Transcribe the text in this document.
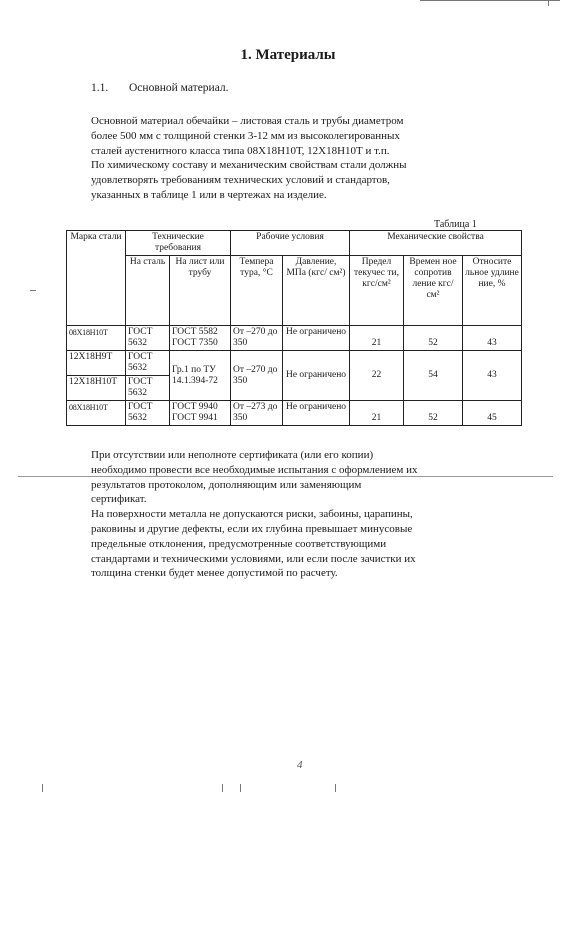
1. Материалы
1.1. Основной материал.
Основной материал обечайки – листовая сталь и трубы диаметром
более 500 мм с толщиной стенки 3-12 мм из высоколегированных
сталей аустенитного класса типа 08Х18Н10Т, 12Х18Н10Т и т.п.
По химическому составу и механическим свойствам стали должны
удовлетворять требованиям технических условий и стандартов,
указанных в таблице 1 или в чертежах на изделие.
Таблица 1
Марка стали	Технические требования		Рабочие условия		Механические свойства		
	На сталь	На лист или трубу	Темпера тура, °С	Давление, МПа (кгс/ см²)	Предел текучес ти, кгс/см²	Времен ное сопротив ление кгс/см²	Относите льное удлине ние, %
08Х18Н10Т	ГОСТ 5632	ГОСТ 5582 ГОСТ 7350	От –270 до 350	Не ограничено	21	52	43
12Х18Н9Т	ГОСТ 5632	Гр.1 по ТУ 14.1.394-72	От –270 до 350	Не ограничено	22	54	43
12Х18Н10Т	ГОСТ 5632						
08Х18Н10Т	ГОСТ 5632	ГОСТ 9940 ГОСТ 9941	От –273 до 350	Не ограничено	21	52	45
При отсутствии или неполноте сертификата (или его копии)
необходимо провести все необходимые испытания с оформлением их
результатов протоколом, дополняющим или заменяющим
сертификат.
На поверхности металла не допускаются риски, забоины, царапины,
раковины и другие дефекты, если их глубина превышает минусовые
предельные отклонения, предусмотренные соответствующими
стандартами и техническими условиями, или если после зачистки их
толщина стенки будет менее допустимой по расчету.
4
